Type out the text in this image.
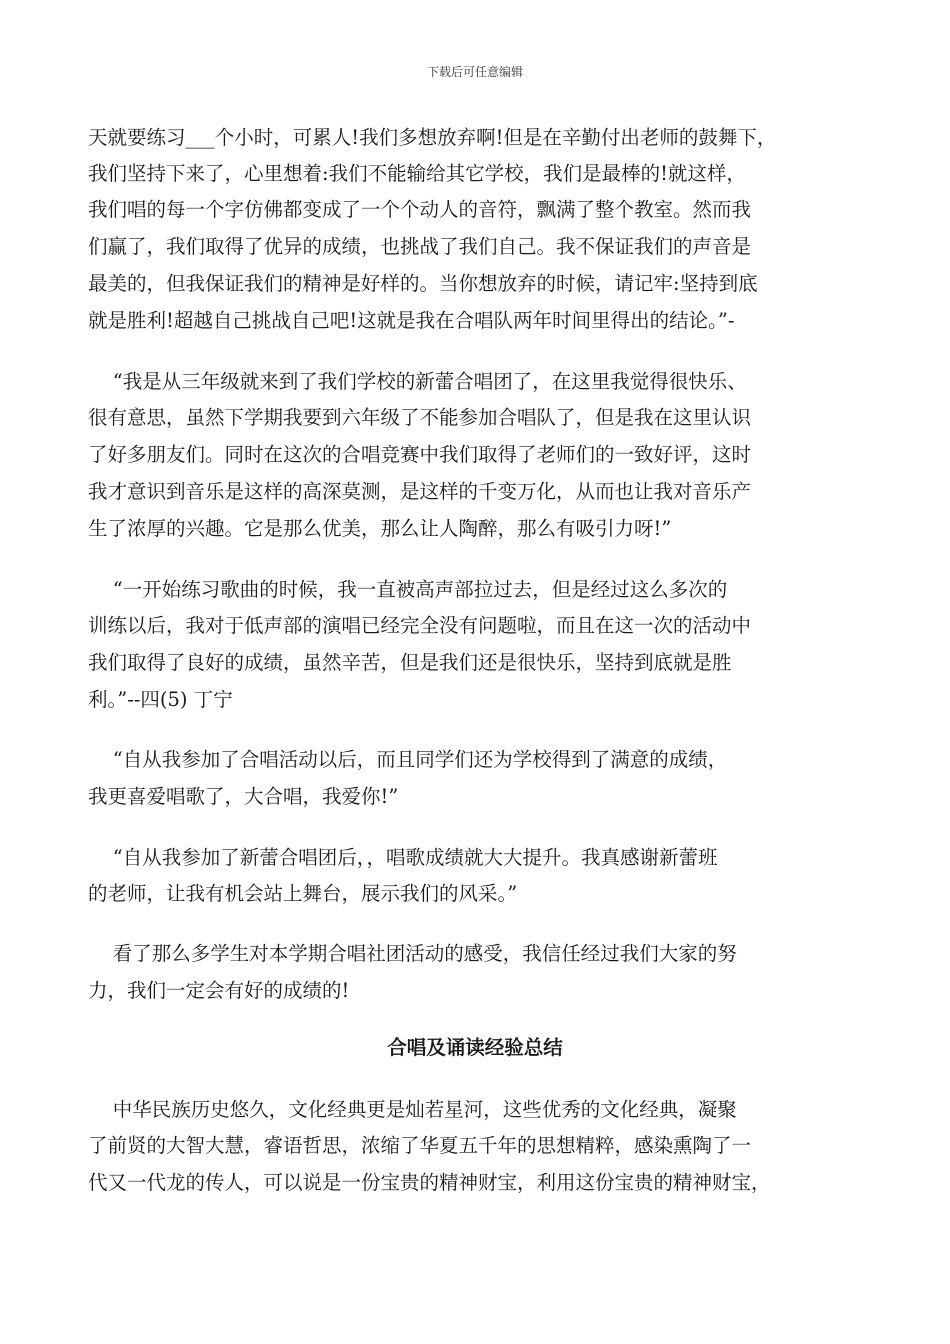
下载后可任意编辑
天就要练习___个小时，可累人!我们多想放弃啊!但是在辛勤付出老师的鼓舞下，
我们坚持下来了，心里想着:我们不能输给其它学校，我们是最棒的!就这样，
我们唱的每一个字仿佛都变成了一个个动人的音符，飘满了整个教室。然而我
们赢了，我们取得了优异的成绩，也挑战了我们自己。我不保证我们的声音是
最美的，但我保证我们的精神是好样的。当你想放弃的时候，请记牢:坚持到底
就是胜利!超越自己挑战自己吧!这就是我在合唱队两年时间里得出的结论。”-
“我是从三年级就来到了我们学校的新蕾合唱团了，在这里我觉得很快乐、
很有意思，虽然下学期我要到六年级了不能参加合唱队了，但是我在这里认识
了好多朋友们。同时在这次的合唱竞赛中我们取得了老师们的一致好评，这时
我才意识到音乐是这样的高深莫测，是这样的千变万化，从而也让我对音乐产
生了浓厚的兴趣。它是那么优美，那么让人陶醉，那么有吸引力呀!”
“一开始练习歌曲的时候，我一直被高声部拉过去，但是经过这么多次的
训练以后，我对于低声部的演唱已经完全没有问题啦，而且在这一次的活动中
我们取得了良好的成绩，虽然辛苦，但是我们还是很快乐，坚持到底就是胜
利。”--四(5) 丁宁
“自从我参加了合唱活动以后，而且同学们还为学校得到了满意的成绩，
我更喜爱唱歌了，大合唱，我爱你!”
“自从我参加了新蕾合唱团后，，唱歌成绩就大大提升。我真感谢新蕾班
的老师，让我有机会站上舞台，展示我们的风采。”
看了那么多学生对本学期合唱社团活动的感受，我信任经过我们大家的努
力，我们一定会有好的成绩的!
合唱及诵读经验总结
中华民族历史悠久，文化经典更是灿若星河，这些优秀的文化经典，凝聚
了前贤的大智大慧，睿语哲思，浓缩了华夏五千年的思想精粹，感染熏陶了一
代又一代龙的传人，可以说是一份宝贵的精神财宝，利用这份宝贵的精神财宝，
